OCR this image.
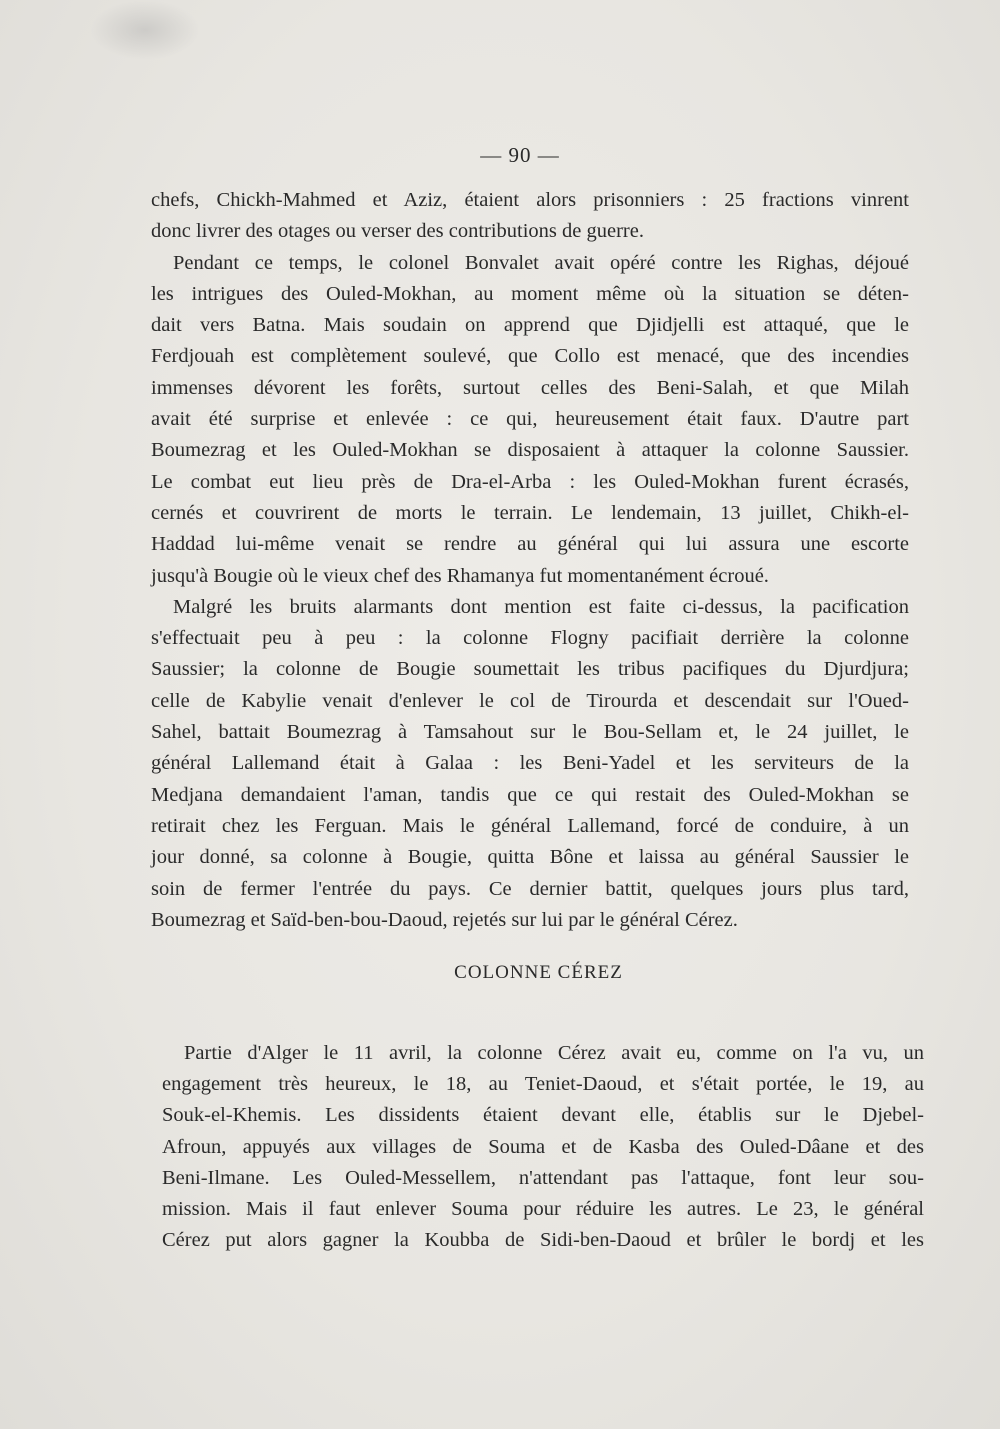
— 90 —
chefs, Chickh-Mahmed et Aziz, étaient alors prisonniers : 25 fractions vinrent
donc livrer des otages ou verser des contributions de guerre.
Pendant ce temps, le colonel Bonvalet avait opéré contre les Righas, déjoué
les intrigues des Ouled-Mokhan, au moment même où la situation se déten-
dait vers Batna. Mais soudain on apprend que Djidjelli est attaqué, que le
Ferdjouah est complètement soulevé, que Collo est menacé, que des incendies
immenses dévorent les forêts, surtout celles des Beni-Salah, et que Milah
avait été surprise et enlevée : ce qui, heureusement était faux. D'autre part
Boumezrag et les Ouled-Mokhan se disposaient à attaquer la colonne Saussier.
Le combat eut lieu près de Dra-el-Arba : les Ouled-Mokhan furent écrasés,
cernés et couvrirent de morts le terrain. Le lendemain, 13 juillet, Chikh-el-
Haddad lui-même venait se rendre au général qui lui assura une escorte
jusqu'à Bougie où le vieux chef des Rhamanya fut momentanément écroué.
Malgré les bruits alarmants dont mention est faite ci-dessus, la pacification
s'effectuait peu à peu : la colonne Flogny pacifiait derrière la colonne
Saussier; la colonne de Bougie soumettait les tribus pacifiques du Djurdjura;
celle de Kabylie venait d'enlever le col de Tirourda et descendait sur l'Oued-
Sahel, battait Boumezrag à Tamsahout sur le Bou-Sellam et, le 24 juillet, le
général Lallemand était à Galaa : les Beni-Yadel et les serviteurs de la
Medjana demandaient l'aman, tandis que ce qui restait des Ouled-Mokhan se
retirait chez les Ferguan. Mais le général Lallemand, forcé de conduire, à un
jour donné, sa colonne à Bougie, quitta Bône et laissa au général Saussier le
soin de fermer l'entrée du pays. Ce dernier battit, quelques jours plus tard,
Boumezrag et Saïd-ben-bou-Daoud, rejetés sur lui par le général Cérez.
COLONNE CÉREZ
Partie d'Alger le 11 avril, la colonne Cérez avait eu, comme on l'a vu, un
engagement très heureux, le 18, au Teniet-Daoud, et s'était portée, le 19, au
Souk-el-Khemis. Les dissidents étaient devant elle, établis sur le Djebel-
Afroun, appuyés aux villages de Souma et de Kasba des Ouled-Dâane et des
Beni-Ilmane. Les Ouled-Messellem, n'attendant pas l'attaque, font leur sou-
mission. Mais il faut enlever Souma pour réduire les autres. Le 23, le général
Cérez put alors gagner la Koubba de Sidi-ben-Daoud et brûler le bordj et les
